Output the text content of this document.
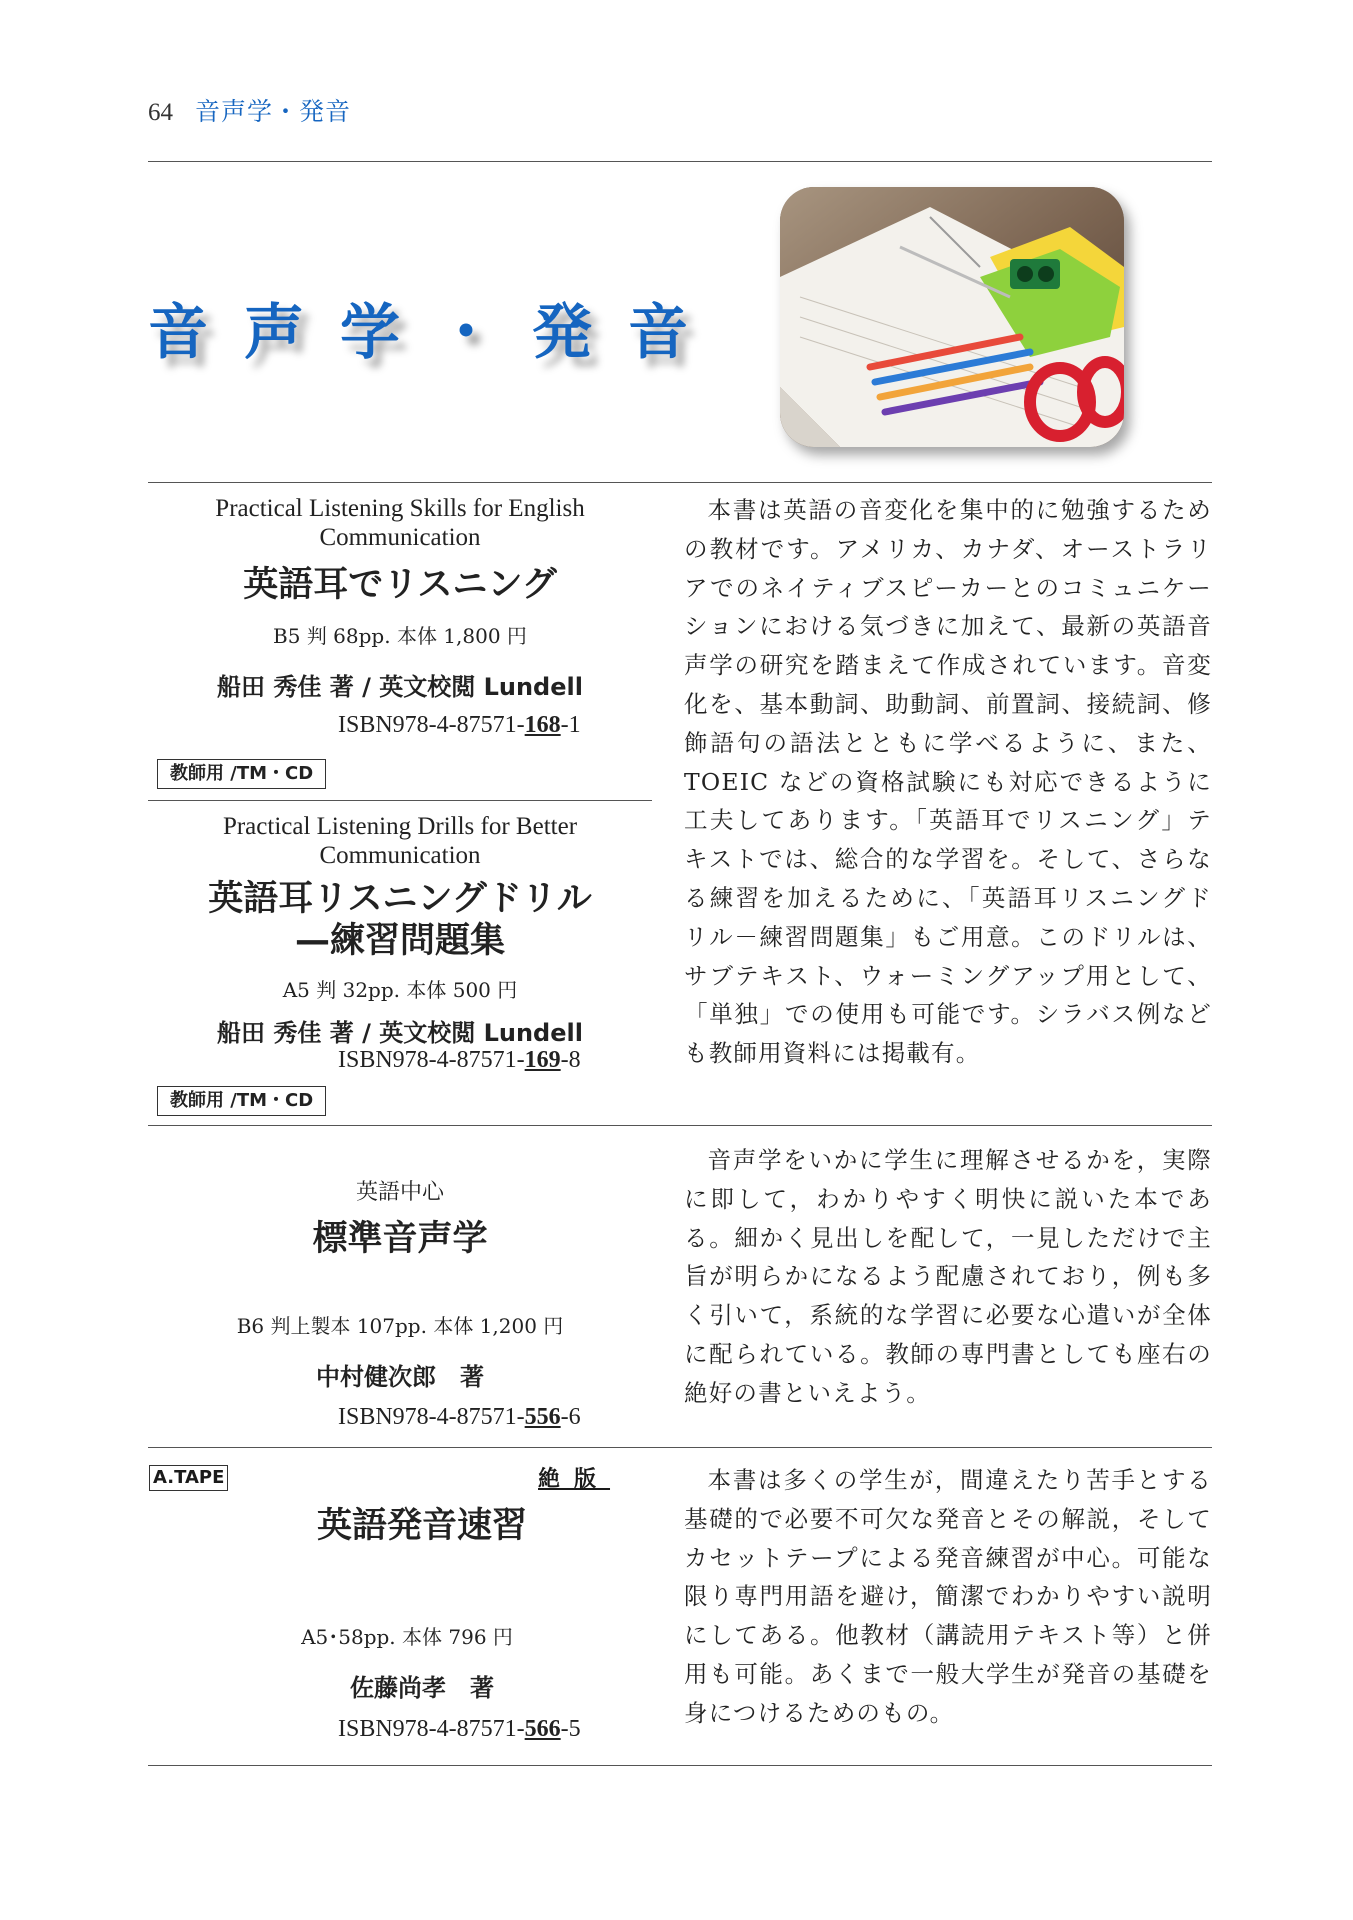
64 音声学・発音
音声学・発音
Practical Listening Skills for English Communication
英語耳でリスニング
B5 判 68pp. 本体 1,800 円
船田 秀佳 著 / 英文校閲 Lundell
ISBN978-4-87571-168-1
教師用 /TM・CD
Practical Listening Drills for Better Communication
英語耳リスニングドリル
—練習問題集
A5 判 32pp. 本体 500 円
船田 秀佳 著 / 英文校閲 Lundell
ISBN978-4-87571-169-8
教師用 /TM・CD
本書は英語の音変化を集中的に勉強するための教材です。アメリカ、カナダ、オーストラリアでのネイティブスピーカーとのコミュニケーションにおける気づきに加えて、最新の英語音声学の研究を踏まえて作成されています。音変化を、基本動詞、助動詞、前置詞、接続詞、修飾語句の語法とともに学べるように、また、TOEIC などの資格試験にも対応できるように工夫してあります。「英語耳でリスニング」テキストでは、総合的な学習を。そして、さらなる練習を加えるために、「英語耳リスニングドリル－練習問題集」もご用意。このドリルは、サブテキスト、ウォーミングアップ用として、「単独」での使用も可能です。シラバス例なども教師用資料には掲載有。
英語中心
標準音声学
B6 判上製本 107pp. 本体 1,200 円
中村健次郎　著
ISBN978-4-87571-556-6
音声学をいかに学生に理解させるかを，実際に即して，わかりやすく明快に説いた本である。細かく見出しを配して，一見しただけで主旨が明らかになるよう配慮されており，例も多く引いて，系統的な学習に必要な心遣いが全体に配られている。教師の専門書としても座右の絶好の書といえよう。
A.TAPE	絶版
英語発音速習
A5･58pp. 本体 796 円
佐藤尚孝　著
ISBN978-4-87571-566-5
本書は多くの学生が，間違えたり苦手とする基礎的で必要不可欠な発音とその解説，そしてカセットテープによる発音練習が中心。可能な限り専門用語を避け，簡潔でわかりやすい説明にしてある。他教材（講読用テキスト等）と併用も可能。あくまで一般大学生が発音の基礎を身につけるためのもの。
